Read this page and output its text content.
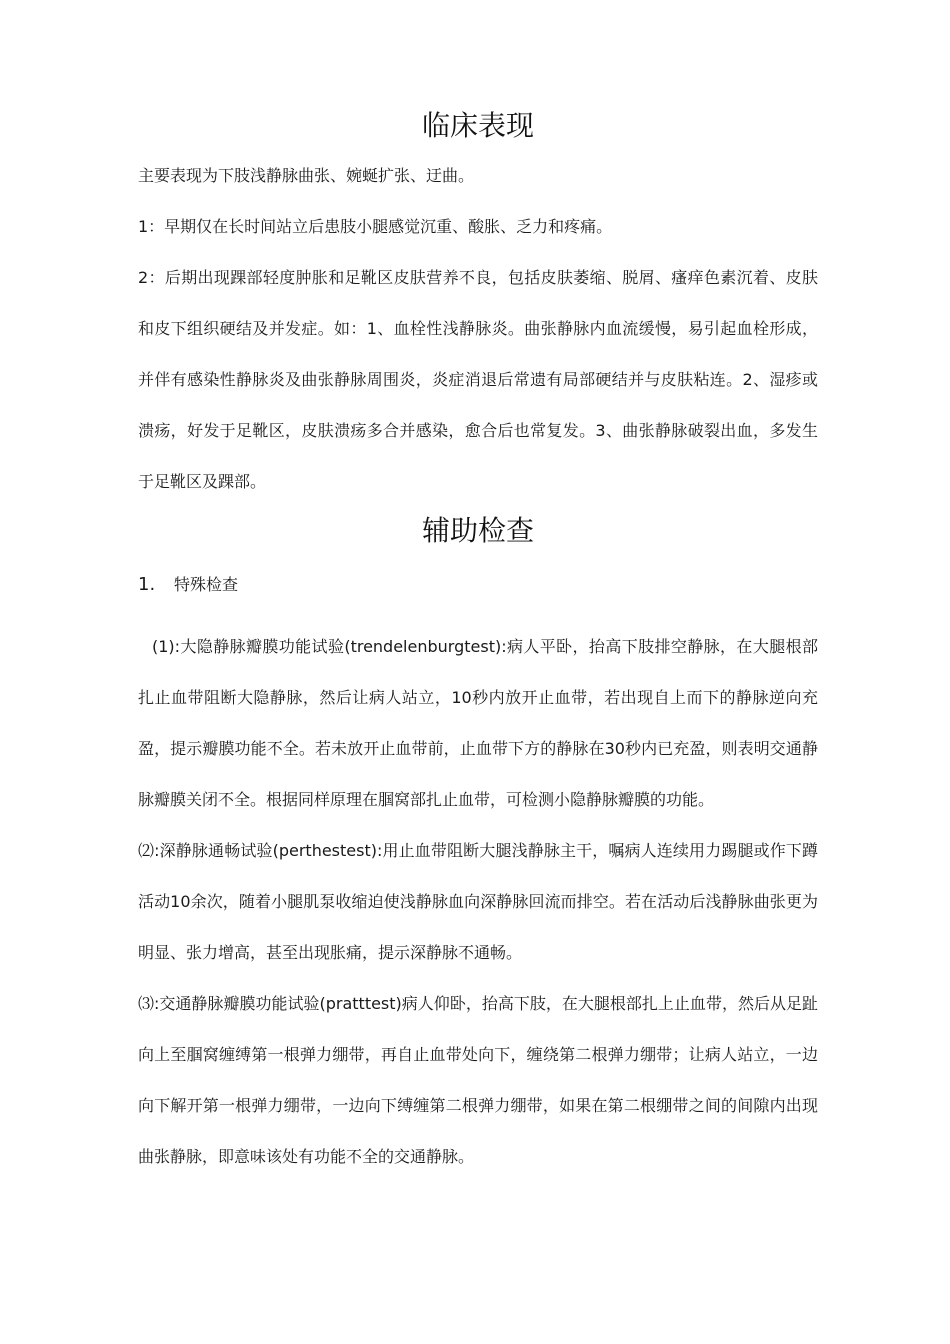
临床表现

主要表现为下肢浅静脉曲张、婉蜒扩张、迂曲。

1：早期仅在长时间站立后患肢小腿感觉沉重、酸胀、乏力和疼痛。

2：后期出现踝部轻度肿胀和足靴区皮肤营养不良，包括皮肤萎缩、脱屑、瘙痒色素沉着、皮肤和皮下组织硬结及并发症。如：1、血栓性浅静脉炎。曲张静脉内血流缓慢，易引起血栓形成，并伴有感染性静脉炎及曲张静脉周围炎，炎症消退后常遗有局部硬结并与皮肤粘连。2、湿疹或溃疡，好发于足靴区，皮肤溃疡多合并感染，愈合后也常复发。3、曲张静脉破裂出血，多发生于足靴区及踝部。

辅助检查
1. 特殊检查

(1):大隐静脉瓣膜功能试验(trendelenburgtest):病人平卧，抬高下肢排空静脉，在大腿根部扎止血带阻断大隐静脉，然后让病人站立，10秒内放开止血带，若出现自上而下的静脉逆向充盈，提示瓣膜功能不全。若未放开止血带前，止血带下方的静脉在30秒内已充盈，则表明交通静脉瓣膜关闭不全。根据同样原理在腘窝部扎止血带，可检测小隐静脉瓣膜的功能。

⑵:深静脉通畅试验(perthestest):用止血带阻断大腿浅静脉主干，嘱病人连续用力踢腿或作下蹲活动10余次，随着小腿肌泵收缩迫使浅静脉血向深静脉回流而排空。若在活动后浅静脉曲张更为明显、张力增高，甚至出现胀痛，提示深静脉不通畅。

⑶:交通静脉瓣膜功能试验(pratttest)病人仰卧，抬高下肢，在大腿根部扎上止血带，然后从足趾向上至腘窝缠缚第一根弹力绷带，再自止血带处向下，缠绕第二根弹力绷带；让病人站立，一边向下解开第一根弹力绷带，一边向下缚缠第二根弹力绷带，如果在第二根绷带之间的间隙内出现曲张静脉，即意味该处有功能不全的交通静脉。
